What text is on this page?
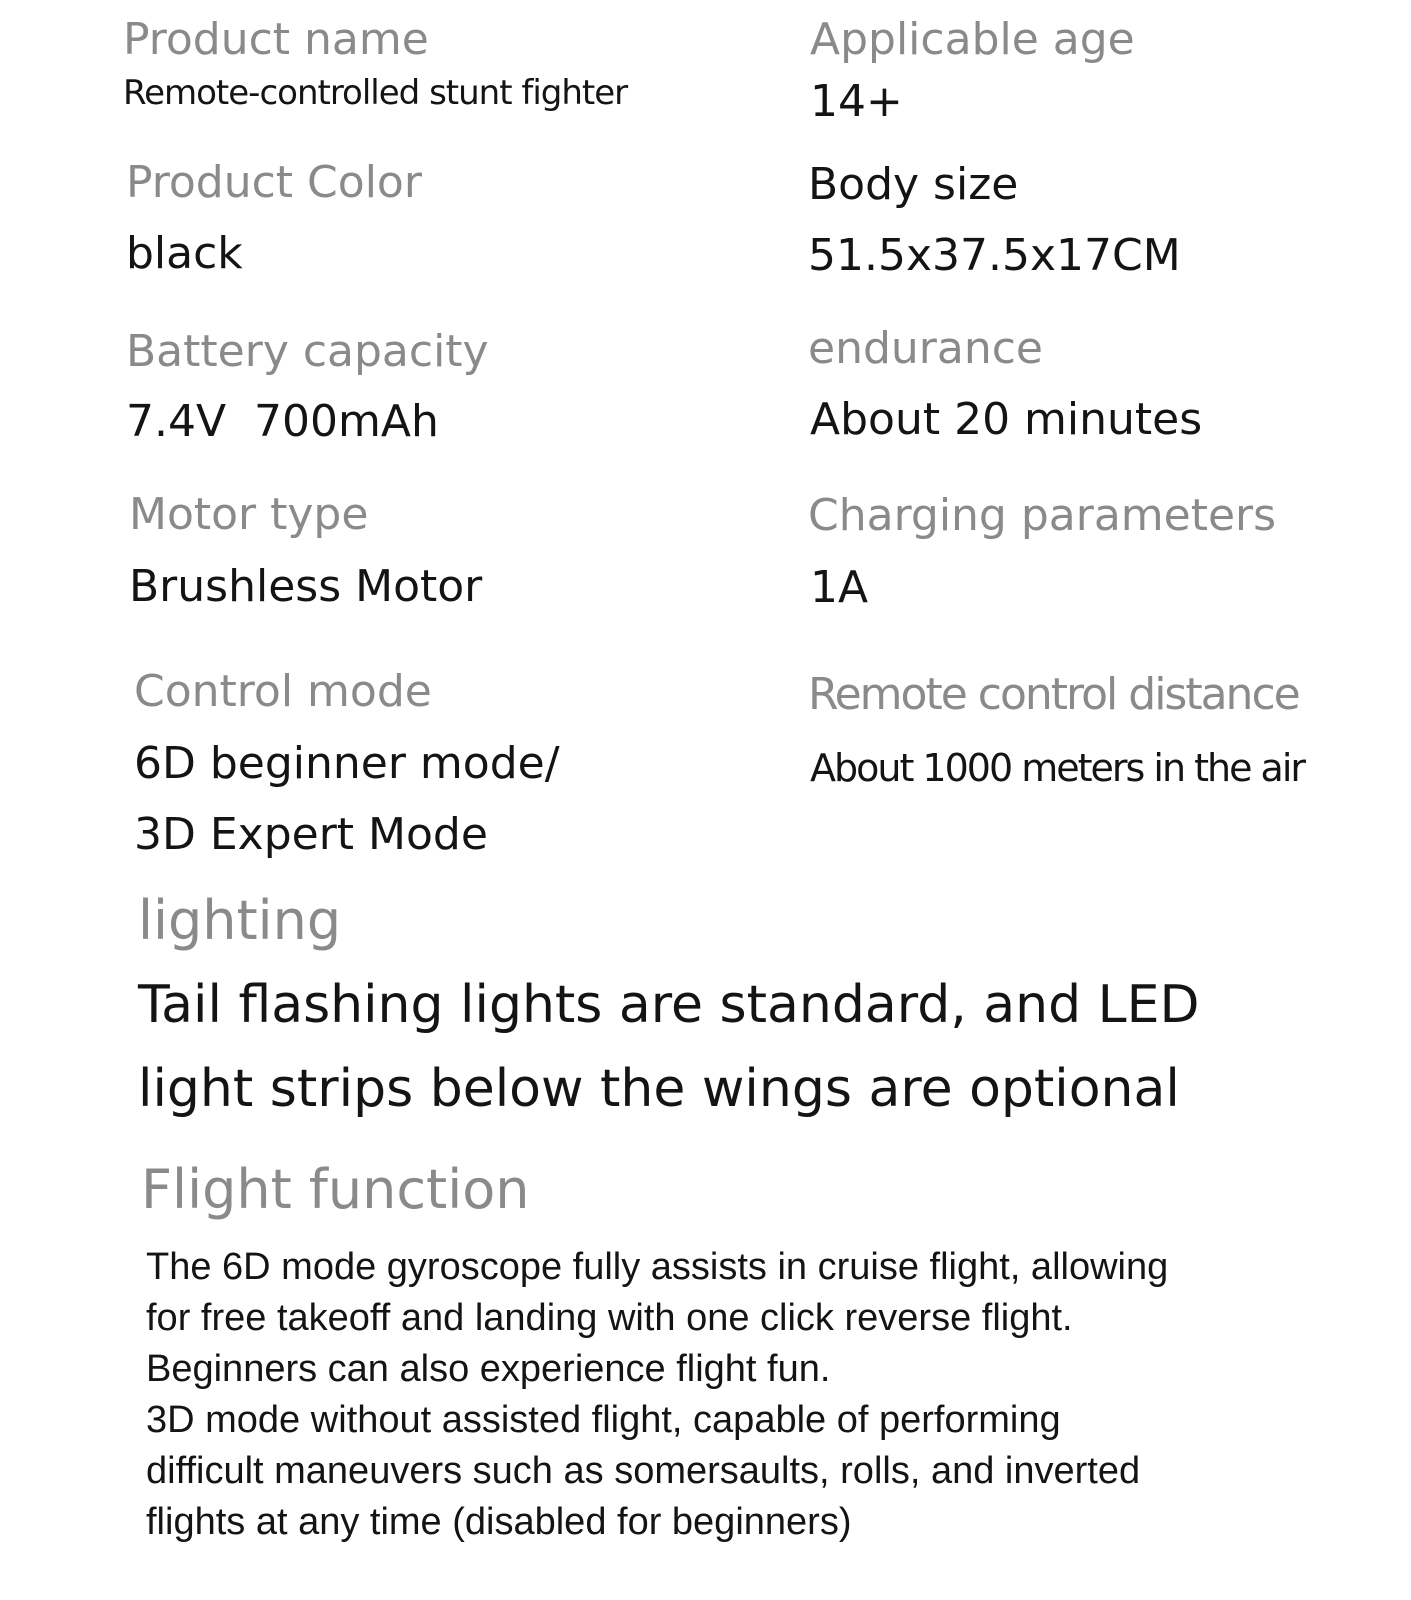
Product name
Remote-controlled stunt fighter
Applicable age
14+
Product Color
black
Body size
51.5x37.5x17CM
Battery capacity
7.4V  700mAh
endurance
About 20 minutes
Motor type
Brushless Motor
Charging parameters
1A
Control mode
6D beginner mode/
3D Expert Mode
Remote control distance
About 1000 meters in the air
lighting
Tail flashing lights are standard, and LED
light strips below the wings are optional
Flight function
The 6D mode gyroscope fully assists in cruise flight, allowing
for free takeoff and landing with one click reverse flight.
Beginners can also experience flight fun.
3D mode without assisted flight, capable of performing
difficult maneuvers such as somersaults, rolls, and inverted
flights at any time (disabled for beginners)
